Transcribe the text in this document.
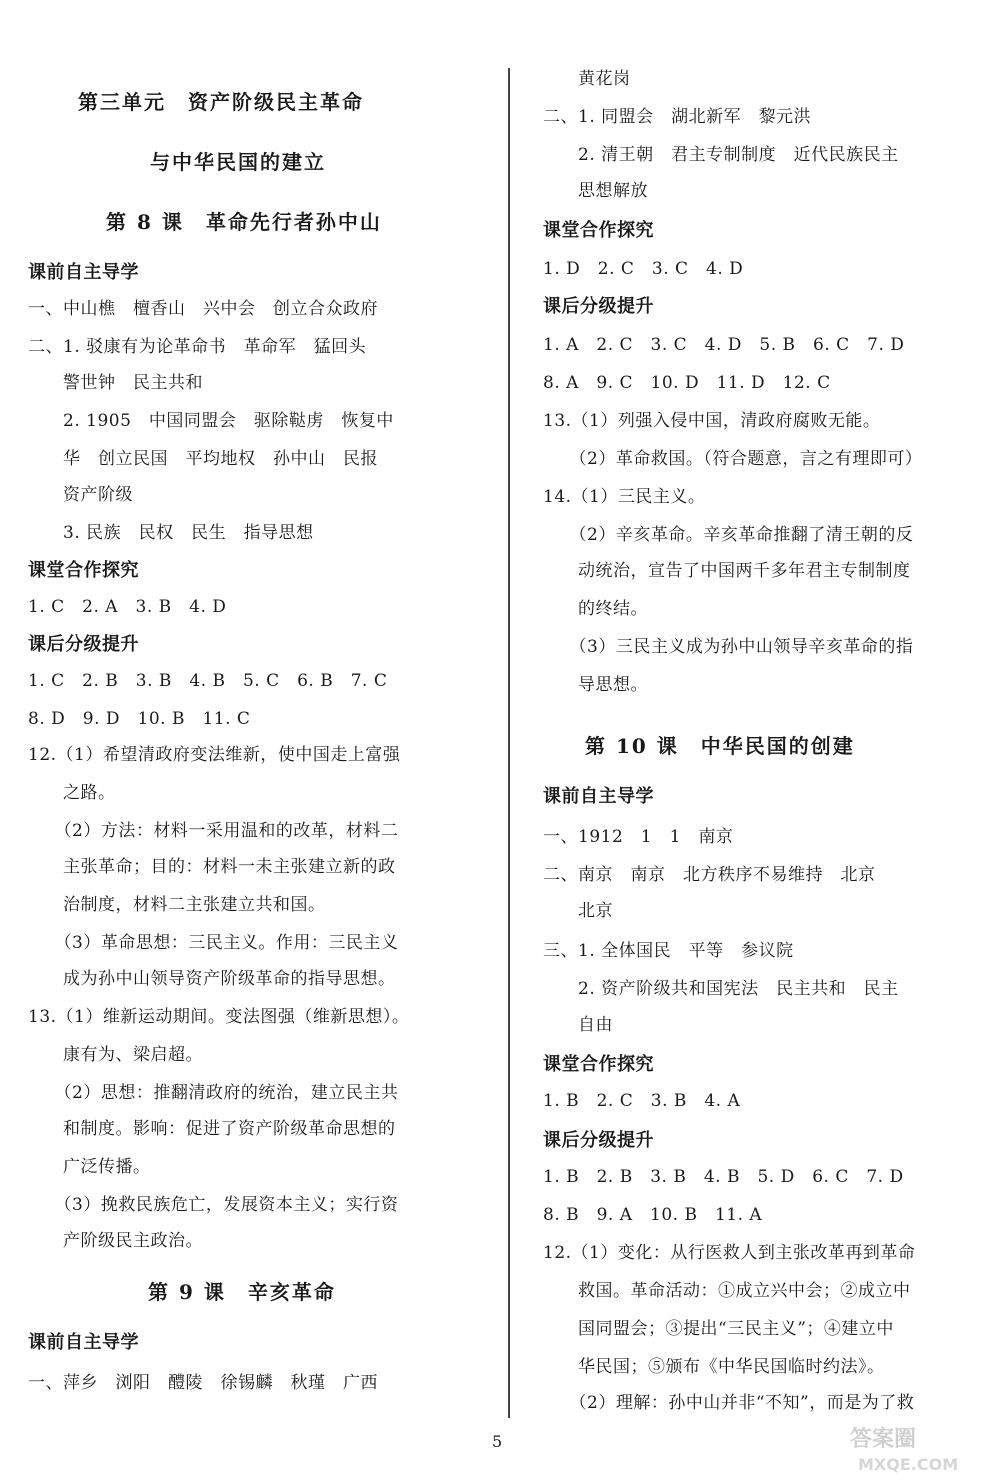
第三单元　资产阶级民主革命
与中华民国的建立
第 8 课　革命先行者孙中山
课前自主导学
一、中山樵　檀香山　兴中会　创立合众政府
二、1. 驳康有为论革命书　革命军　猛回头
　　警世钟　民主共和
　　2. 1905　中国同盟会　驱除鞑虏　恢复中
　　华　创立民国　平均地权　孙中山　民报
　　资产阶级
　　3. 民族　民权　民生　指导思想
课堂合作探究
1. C　2. A　3. B　4. D
课后分级提升
1. C　2. B　3. B　4. B　5. C　6. B　7. C
8. D　9. D　10. B　11. C
12.（1）希望清政府变法维新，使中国走上富强
　　之路。
　　（2）方法：材料一采用温和的改革，材料二
　　主张革命；目的：材料一未主张建立新的政
　　治制度，材料二主张建立共和国。
　　（3）革命思想：三民主义。作用：三民主义
　　成为孙中山领导资产阶级革命的指导思想。
13.（1）维新运动期间。变法图强（维新思想）。
　　康有为、梁启超。
　　（2）思想：推翻清政府的统治，建立民主共
　　和制度。影响：促进了资产阶级革命思想的
　　广泛传播。
　　（3）挽救民族危亡，发展资本主义；实行资
　　产阶级民主政治。
第 9 课　辛亥革命
课前自主导学
一、萍乡　浏阳　醴陵　徐锡麟　秋瑾　广西
　　黄花岗
二、1. 同盟会　湖北新军　黎元洪
　　2. 清王朝　君主专制制度　近代民族民主
　　思想解放
课堂合作探究
1. D　2. C　3. C　4. D
课后分级提升
1. A　2. C　3. C　4. D　5. B　6. C　7. D
8. A　9. C　10. D　11. D　12. C
13.（1）列强入侵中国，清政府腐败无能。
　　（2）革命救国。（符合题意，言之有理即可）
14.（1）三民主义。
　　（2）辛亥革命。辛亥革命推翻了清王朝的反
　　动统治，宣告了中国两千多年君主专制制度
　　的终结。
　　（3）三民主义成为孙中山领导辛亥革命的指
　　导思想。
第 10 课　中华民国的创建
课前自主导学
一、1912　1　1　南京
二、南京　南京　北方秩序不易维持　北京
　　北京
三、1. 全体国民　平等　参议院
　　2. 资产阶级共和国宪法　民主共和　民主
　　自由
课堂合作探究
1. B　2. C　3. B　4. A
课后分级提升
1. B　2. B　3. B　4. B　5. D　6. C　7. D
8. B　9. A　10. B　11. A
12.（1）变化：从行医救人到主张改革再到革命
　　救国。革命活动：①成立兴中会；②成立中
　　国同盟会；③提出“三民主义”；④建立中
　　华民国；⑤颁布《中华民国临时约法》。
　　（2）理解：孙中山并非“不知”，而是为了救
5	答案圈
MXQE.COM
